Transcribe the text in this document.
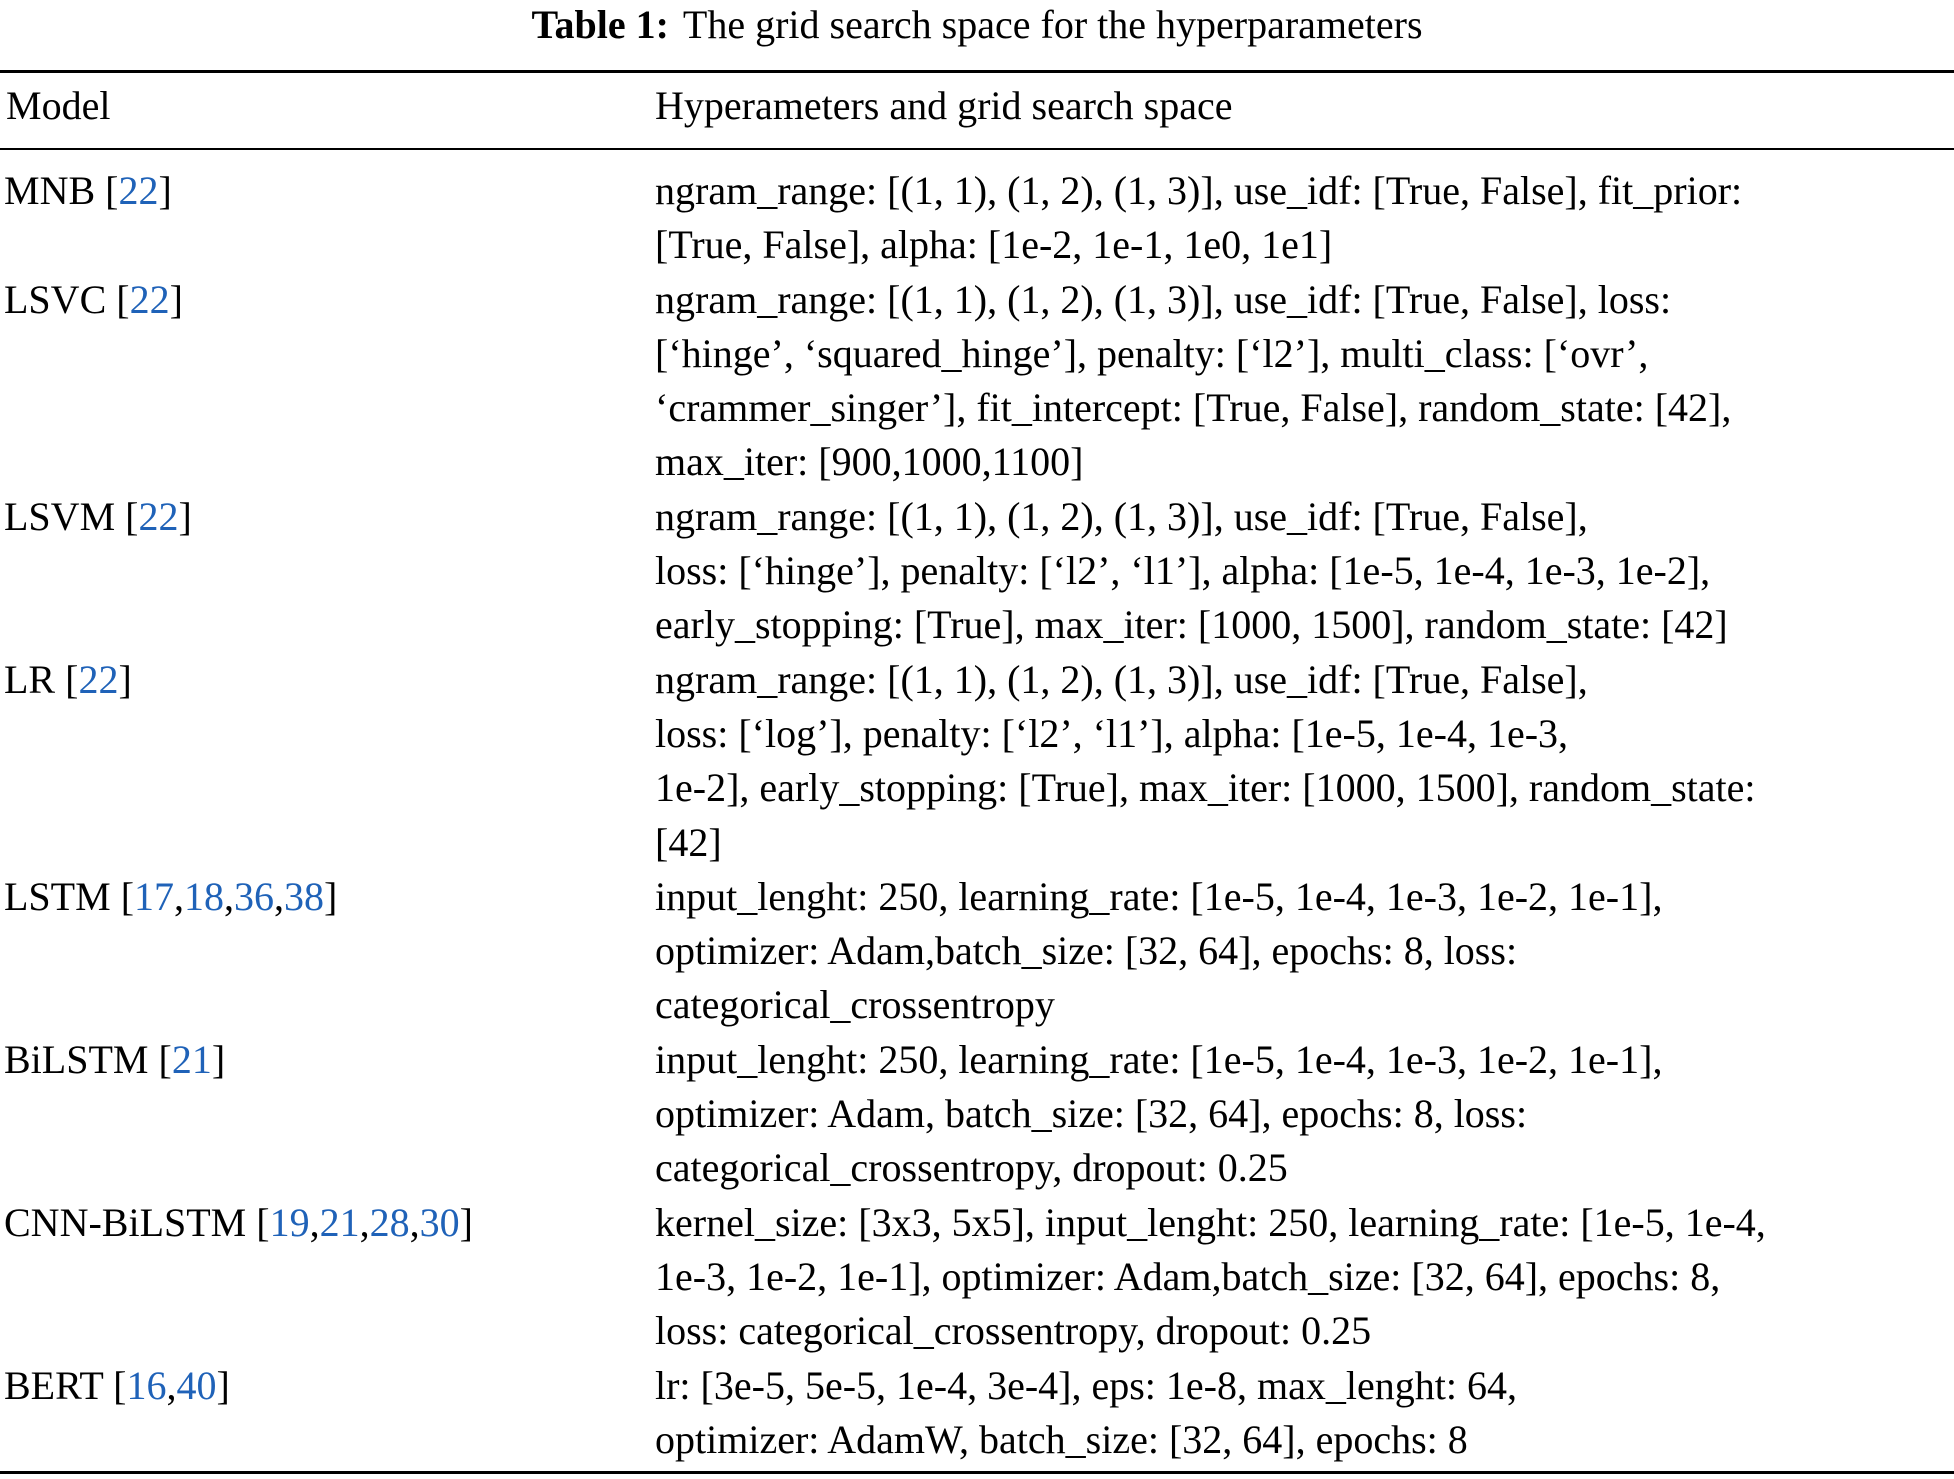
Table 1: The grid search space for the hyperparameters
Model	Hyperameters and grid search space
MNB [22]	ngram_range: [(1, 1), (1, 2), (1, 3)], use_idf: [True, False], fit_prior:
[True, False], alpha: [1e-2, 1e-1, 1e0, 1e1]
LSVC [22]	ngram_range: [(1, 1), (1, 2), (1, 3)], use_idf: [True, False], loss:
[‘hinge’, ‘squared_hinge’], penalty: [‘l2’], multi_class: [‘ovr’,
‘crammer_singer’], fit_intercept: [True, False], random_state: [42],
max_iter: [900,1000,1100]
LSVM [22]	ngram_range: [(1, 1), (1, 2), (1, 3)], use_idf: [True, False],
loss: [‘hinge’], penalty: [‘l2’, ‘l1’], alpha: [1e-5, 1e-4, 1e-3, 1e-2],
early_stopping: [True], max_iter: [1000, 1500], random_state: [42]
LR [22]	ngram_range: [(1, 1), (1, 2), (1, 3)], use_idf: [True, False],
loss: [‘log’], penalty: [‘l2’, ‘l1’], alpha: [1e-5, 1e-4, 1e-3,
1e-2], early_stopping: [True], max_iter: [1000, 1500], random_state:
[42]
LSTM [17,18,36,38]	input_lenght: 250, learning_rate: [1e-5, 1e-4, 1e-3, 1e-2, 1e-1],
optimizer: Adam,batch_size: [32, 64], epochs: 8, loss:
categorical_crossentropy
BiLSTM [21]	input_lenght: 250, learning_rate: [1e-5, 1e-4, 1e-3, 1e-2, 1e-1],
optimizer: Adam, batch_size: [32, 64], epochs: 8, loss:
categorical_crossentropy, dropout: 0.25
CNN-BiLSTM [19,21,28,30]	kernel_size: [3x3, 5x5], input_lenght: 250, learning_rate: [1e-5, 1e-4,
1e-3, 1e-2, 1e-1], optimizer: Adam,batch_size: [32, 64], epochs: 8,
loss: categorical_crossentropy, dropout: 0.25
BERT [16,40]	lr: [3e-5, 5e-5, 1e-4, 3e-4], eps: 1e-8, max_lenght: 64,
optimizer: AdamW, batch_size: [32, 64], epochs: 8
